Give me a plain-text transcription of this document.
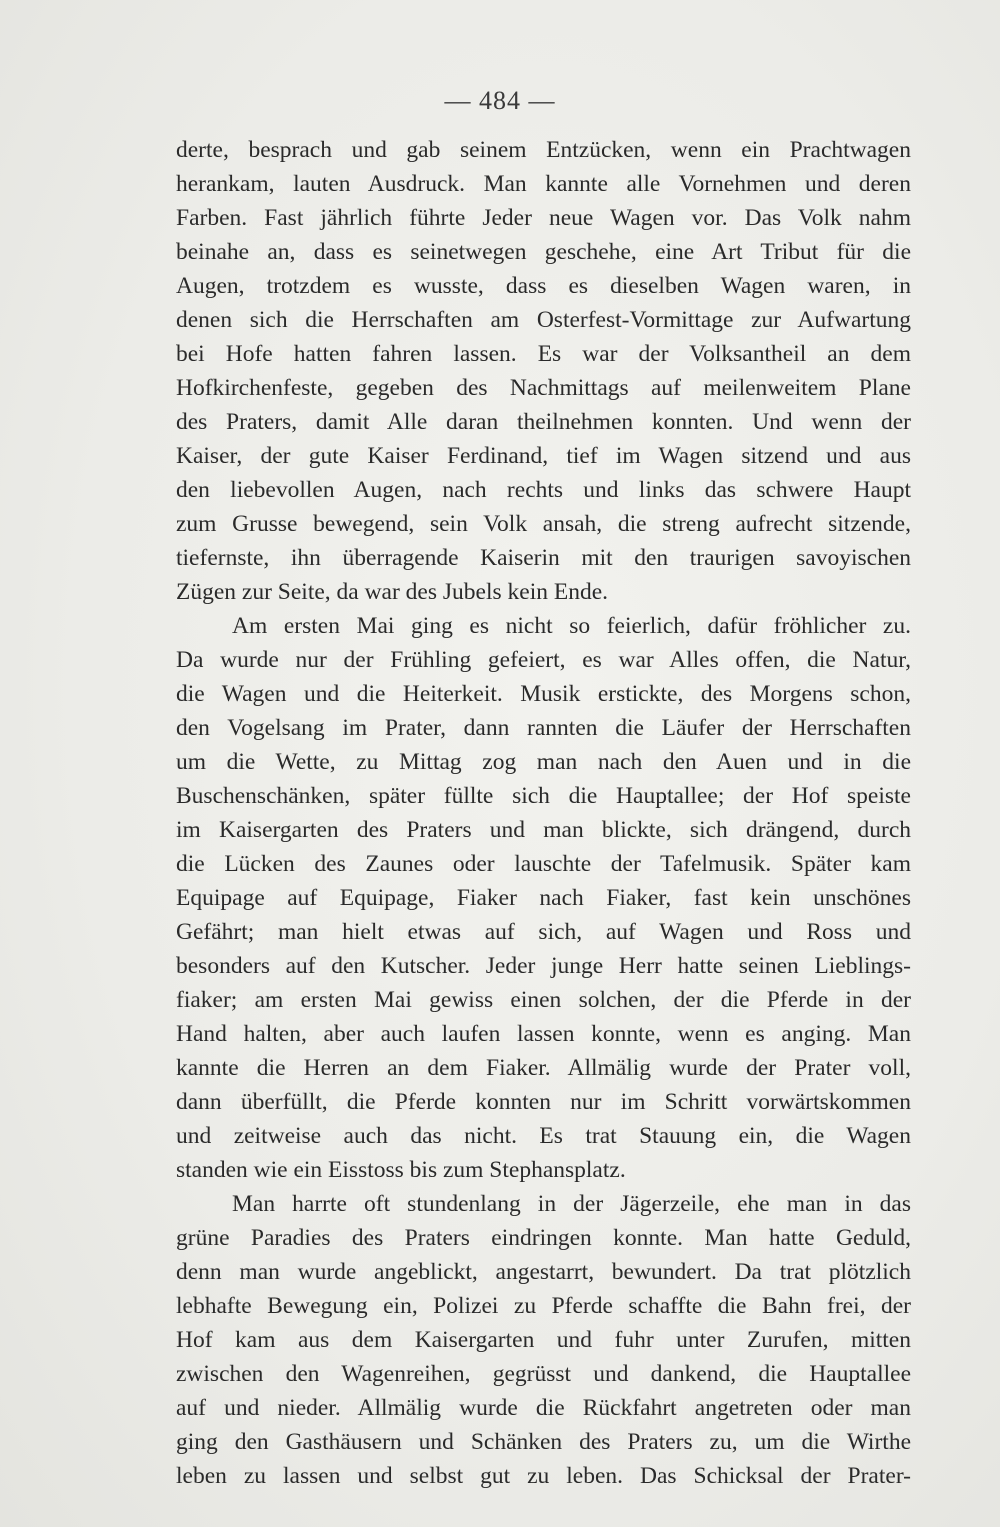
— 484 —
derte, besprach und gab seinem Entzücken, wenn ein Prachtwagen
herankam, lauten Ausdruck. Man kannte alle Vornehmen und deren
Farben. Fast jährlich führte Jeder neue Wagen vor. Das Volk nahm
beinahe an, dass es seinetwegen geschehe, eine Art Tribut für die
Augen, trotzdem es wusste, dass es dieselben Wagen waren, in
denen sich die Herrschaften am Osterfest-Vormittage zur Aufwartung
bei Hofe hatten fahren lassen. Es war der Volksantheil an dem
Hofkirchenfeste, gegeben des Nachmittags auf meilenweitem Plane
des Praters, damit Alle daran theilnehmen konnten. Und wenn der
Kaiser, der gute Kaiser Ferdinand, tief im Wagen sitzend und aus
den liebevollen Augen, nach rechts und links das schwere Haupt
zum Grusse bewegend, sein Volk ansah, die streng aufrecht sitzende,
tiefernste, ihn überragende Kaiserin mit den traurigen savoyischen
Zügen zur Seite, da war des Jubels kein Ende.
Am ersten Mai ging es nicht so feierlich, dafür fröhlicher zu.
Da wurde nur der Frühling gefeiert, es war Alles offen, die Natur,
die Wagen und die Heiterkeit. Musik erstickte, des Morgens schon,
den Vogelsang im Prater, dann rannten die Läufer der Herrschaften
um die Wette, zu Mittag zog man nach den Auen und in die
Buschenschänken, später füllte sich die Hauptallee; der Hof speiste
im Kaisergarten des Praters und man blickte, sich drängend, durch
die Lücken des Zaunes oder lauschte der Tafelmusik. Später kam
Equipage auf Equipage, Fiaker nach Fiaker, fast kein unschönes
Gefährt; man hielt etwas auf sich, auf Wagen und Ross und
besonders auf den Kutscher. Jeder junge Herr hatte seinen Lieblings-
fiaker; am ersten Mai gewiss einen solchen, der die Pferde in der
Hand halten, aber auch laufen lassen konnte, wenn es anging. Man
kannte die Herren an dem Fiaker. Allmälig wurde der Prater voll,
dann überfüllt, die Pferde konnten nur im Schritt vorwärtskommen
und zeitweise auch das nicht. Es trat Stauung ein, die Wagen
standen wie ein Eisstoss bis zum Stephansplatz.
Man harrte oft stundenlang in der Jägerzeile, ehe man in das
grüne Paradies des Praters eindringen konnte. Man hatte Geduld,
denn man wurde angeblickt, angestarrt, bewundert. Da trat plötzlich
lebhafte Bewegung ein, Polizei zu Pferde schaffte die Bahn frei, der
Hof kam aus dem Kaisergarten und fuhr unter Zurufen, mitten
zwischen den Wagenreihen, gegrüsst und dankend, die Hauptallee
auf und nieder. Allmälig wurde die Rückfahrt angetreten oder man
ging den Gasthäusern und Schänken des Praters zu, um die Wirthe
leben zu lassen und selbst gut zu leben. Das Schicksal der Prater-
